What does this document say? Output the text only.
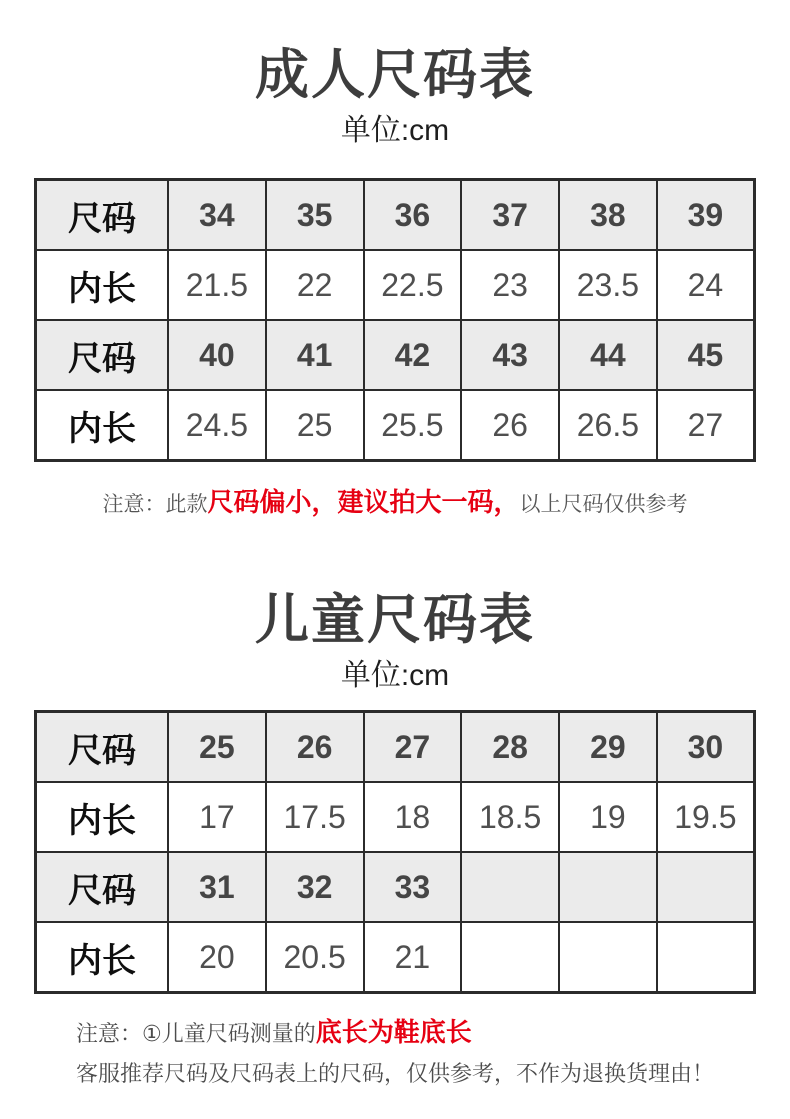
成人尺码表
单位:cm
尺码	34	35	36	37	38	39
内长	21.5	22	22.5	23	23.5	24
尺码	40	41	42	43	44	45
内长	24.5	25	25.5	26	26.5	27

注意：此款尺码偏小，建议拍大一码，以上尺码仅供参考

儿童尺码表
单位:cm
尺码	25	26	27	28	29	30
内长	17	17.5	18	18.5	19	19.5
尺码	31	32	33			
内长	20	20.5	21			

注意：①儿童尺码测量的底长为鞋底长

客服推荐尺码及尺码表上的尺码，仅供参考，不作为退换货理由！
